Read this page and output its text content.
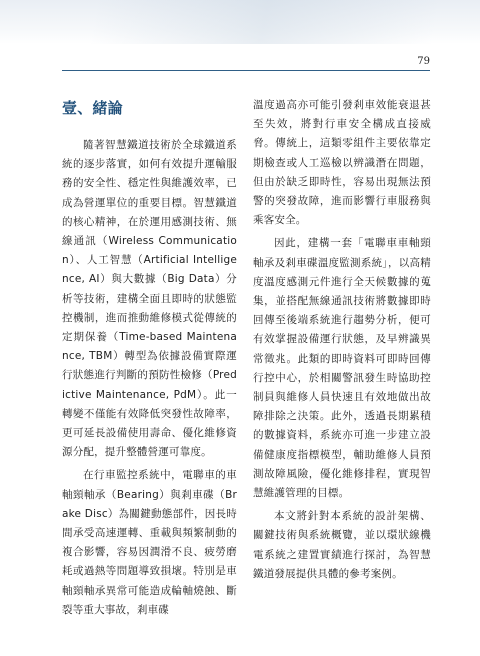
79
壹、緒論

隨著智慧鐵道技術於全球鐵道系統的逐步落實，如何有效提升運輸服務的安全性、穩定性與維護效率，已成為營運單位的重要目標。智慧鐵道的核心精神，在於運用感測技術、無線通訊（Wireless Communication）、人工智慧（Artificial Intelligence, AI）與大數據（Big Data）分析等技術，建構全面且即時的狀態監控機制，進而推動維修模式從傳統的定期保養（Time-based Maintenance, TBM）轉型為依據設備實際運行狀態進行判斷的預防性檢修（Predictive Maintenance, PdM）。此一轉變不僅能有效降低突發性故障率，更可延長設備使用壽命、優化維修資源分配，提升整體營運可靠度。

在行車監控系統中，電聯車的車軸頸軸承（Bearing）與剎車碟（Brake Disc）為關鍵動態部件，因長時間承受高速運轉、重載與頻繁制動的複合影響，容易因潤滑不良、疲勞磨耗或過熱等問題導致損壞。特別是車軸頸軸承異常可能造成輪軸燒蝕、斷裂等重大事故，剎車碟

溫度過高亦可能引發剎車效能衰退甚至失效，將對行車安全構成直接威脅。傳統上，這類零組件主要依靠定期檢查或人工巡檢以辨識潛在問題，但由於缺乏即時性，容易出現無法預警的突發故障，進而影響行車服務與乘客安全。

因此，建構一套「電聯車車軸頸軸承及剎車碟溫度監測系統」，以高精度溫度感測元件進行全天候數據的蒐集，並搭配無線通訊技術將數據即時回傳至後端系統進行趨勢分析，便可有效掌握設備運行狀態，及早辨識異常徵兆。此類的即時資料可即時回傳行控中心，於相關警訊發生時協助控制員與維修人員快速且有效地做出故障排除之決策。此外，透過長期累積的數據資料，系統亦可進一步建立設備健康度指標模型，輔助維修人員預測故障風險，優化維修排程，實現智慧維護管理的目標。

本文將針對本系統的設計架構、關鍵技術與系統概覽，並以環狀線機電系統之建置實績進行探討，為智慧鐵道發展提供具體的參考案例。
